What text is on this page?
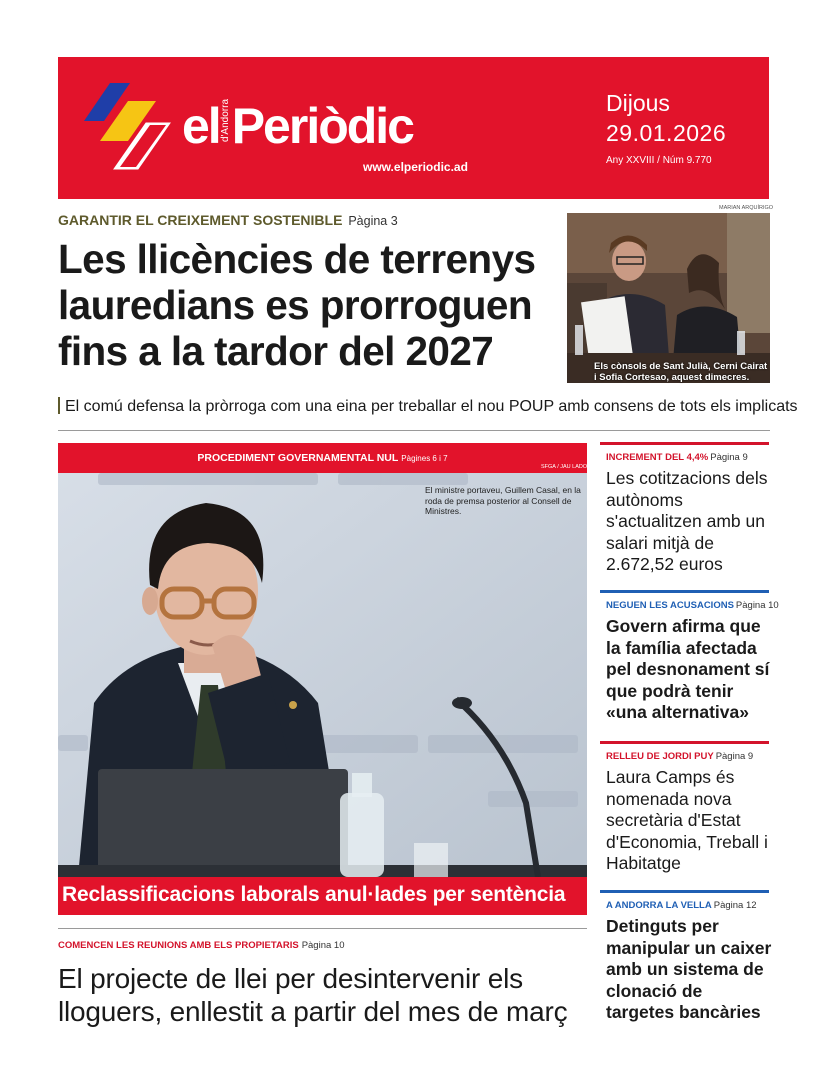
eld'AndorraPeriòdic
www.elperiodic.ad
Dijous
29.01.2026
Any XXVIII / Núm 9.770
GARANTIR EL CREIXEMENT SOSTENIBLE Pàgina 3
Les llicències de terrenys lauredians es prorroguen fins a la tardor del 2027
MARIAN ARQUÍRIGO
Els cònsols de Sant Julià, Cerni Cairat i Sofia Cortesao, aquest dimecres.
El comú defensa la pròrroga com una eina per treballar el nou POUP amb consens de tots els implicats
PROCEDIMENT GOVERNAMENTAL NUL Pàgines 6 i 7
SFGA / JAU LADOT
El ministre portaveu, Guillem Casal, en la roda de premsa posterior al Consell de Ministres.
Reclassificacions laborals anul·lades per sentència
COMENCEN LES REUNIONS AMB ELS PROPIETARIS Pàgina 10
El projecte de llei per desintervenir els lloguers, enllestit a partir del mes de març
INCREMENT DEL 4,4% Pàgina 9
Les cotitzacions dels autònoms s'actualitzen amb un salari mitjà de 2.672,52 euros
NEGUEN LES ACUSACIONS Pàgina 10
Govern afirma que la família afectada pel desnonament sí que podrà tenir «una alternativa»
RELLEU DE JORDI PUY Pàgina 9
Laura Camps és nomenada nova secretària d'Estat d'Economia, Treball i Habitatge
A ANDORRA LA VELLA Pàgina 12
Detinguts per manipular un caixer amb un sistema de clonació de targetes bancàries
